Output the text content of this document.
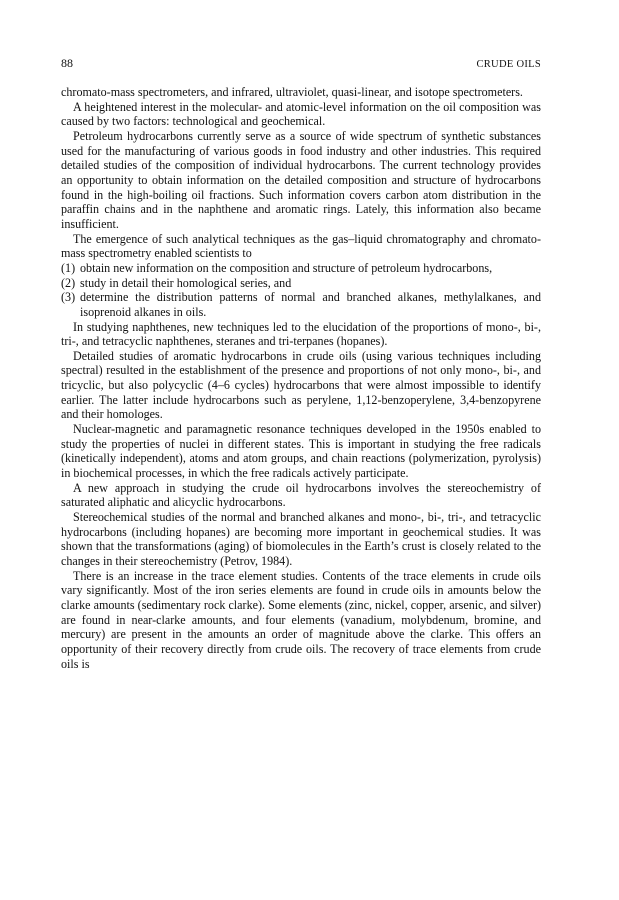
88	CRUDE OILS

chromato-mass spectrometers, and infrared, ultraviolet, quasi-linear, and isotope spectrometers.

A heightened interest in the molecular- and atomic-level information on the oil composition was caused by two factors: technological and geochemical.

Petroleum hydrocarbons currently serve as a source of wide spectrum of synthetic substances used for the manufacturing of various goods in food industry and other industries. This required detailed studies of the composition of individual hydrocarbons. The current technology provides an opportunity to obtain information on the detailed composition and structure of hydrocarbons found in the high-boiling oil fractions. Such information covers carbon atom distribution in the paraffin chains and in the naphthene and aromatic rings. Lately, this information also became insufficient.

The emergence of such analytical techniques as the gas–liquid chromatography and chromato-mass spectrometry enabled scientists to

(1) obtain new information on the composition and structure of petroleum hydrocarbons,
(2) study in detail their homological series, and
(3) determine the distribution patterns of normal and branched alkanes, methylalkanes, and isoprenoid alkanes in oils.

In studying naphthenes, new techniques led to the elucidation of the proportions of mono-, bi-, tri-, and tetracyclic naphthenes, steranes and tri-terpanes (hopanes).

Detailed studies of aromatic hydrocarbons in crude oils (using various techniques including spectral) resulted in the establishment of the presence and proportions of not only mono-, bi-, and tricyclic, but also polycyclic (4–6 cycles) hydrocarbons that were almost impossible to identify earlier. The latter include hydrocarbons such as perylene, 1,12-benzoperylene, 3,4-benzopyrene and their homologes.

Nuclear-magnetic and paramagnetic resonance techniques developed in the 1950s enabled to study the properties of nuclei in different states. This is important in studying the free radicals (kinetically independent), atoms and atom groups, and chain reactions (polymerization, pyrolysis) in biochemical processes, in which the free radicals actively participate.

A new approach in studying the crude oil hydrocarbons involves the stereochemistry of saturated aliphatic and alicyclic hydrocarbons.

Stereochemical studies of the normal and branched alkanes and mono-, bi-, tri-, and tetracyclic hydrocarbons (including hopanes) are becoming more important in geochemical studies. It was shown that the transformations (aging) of biomolecules in the Earth’s crust is closely related to the changes in their stereochemistry (Petrov, 1984).

There is an increase in the trace element studies. Contents of the trace elements in crude oils vary significantly. Most of the iron series elements are found in crude oils in amounts below the clarke amounts (sedimentary rock clarke). Some elements (zinc, nickel, copper, arsenic, and silver) are found in near-clarke amounts, and four elements (vanadium, molybdenum, bromine, and mercury) are present in the amounts an order of magnitude above the clarke. This offers an opportunity of their recovery directly from crude oils. The recovery of trace elements from crude oils is
